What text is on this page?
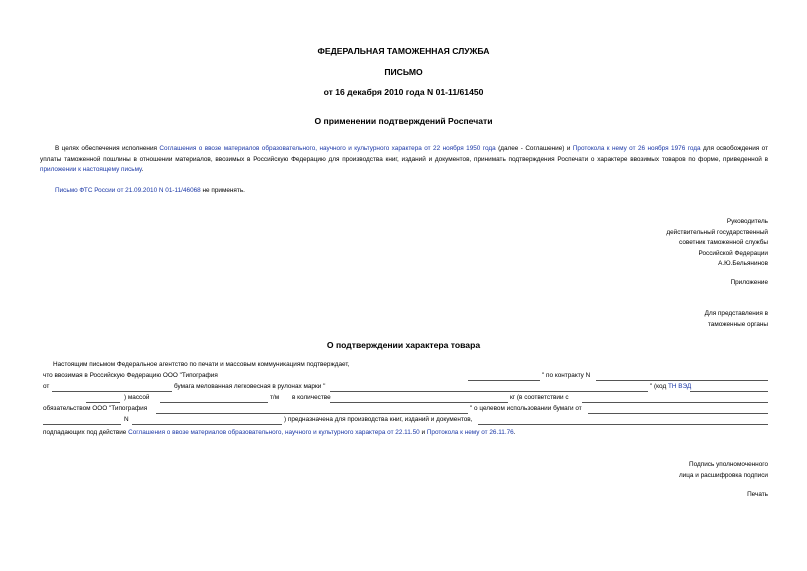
ФЕДЕРАЛЬНАЯ ТАМОЖЕННАЯ СЛУЖБА
ПИСЬМО
от 16 декабря 2010 года N 01-11/61450
О применении подтверждений Роспечати
В целях обеспечения исполнения Соглашения о ввозе материалов образовательного, научного и культурного характера от 22 ноября 1950 года (далее - Соглашение) и Протокола к нему от 26 ноября 1976 года для освобождения от уплаты таможенной пошлины в отношении материалов, ввозимых в Российскую Федерацию для производства книг, изданий и документов, принимать подтверждения Роспечати о характере ввозимых товаров по форме, приведенной в приложении к настоящему письму.
Письмо ФТС России от 21.09.2010 N 01-11/46068 не применять.
Руководитель
действительный государственный
советник таможенной службы
Российской Федерации
А.Ю.Бельянинов
Приложение
Для представления в
таможенные органы
О подтверждении характера товара
Настоящим письмом Федеральное агентство по печати и массовым коммуникациям подтверждает,
что ввозимая в Российскую Федерацию ООО "Типография	" по контракту N
от	бумага мелованная легковесная в рулонах марки "	" (код ТН ВЭД
) массой	т/м в количестве	кг (в соответствии с
обязательством ООО "Типография	" о целевом использовании бумаги от
N	) предназначена для производства книг, изданий и документов,
подпадающих под действие Соглашения о ввозе материалов образовательного, научного и культурного характера от 22.11.50 и Протокола к нему от 26.11.76.
Подпись уполномоченного
лица и расшифровка подписи
Печать
